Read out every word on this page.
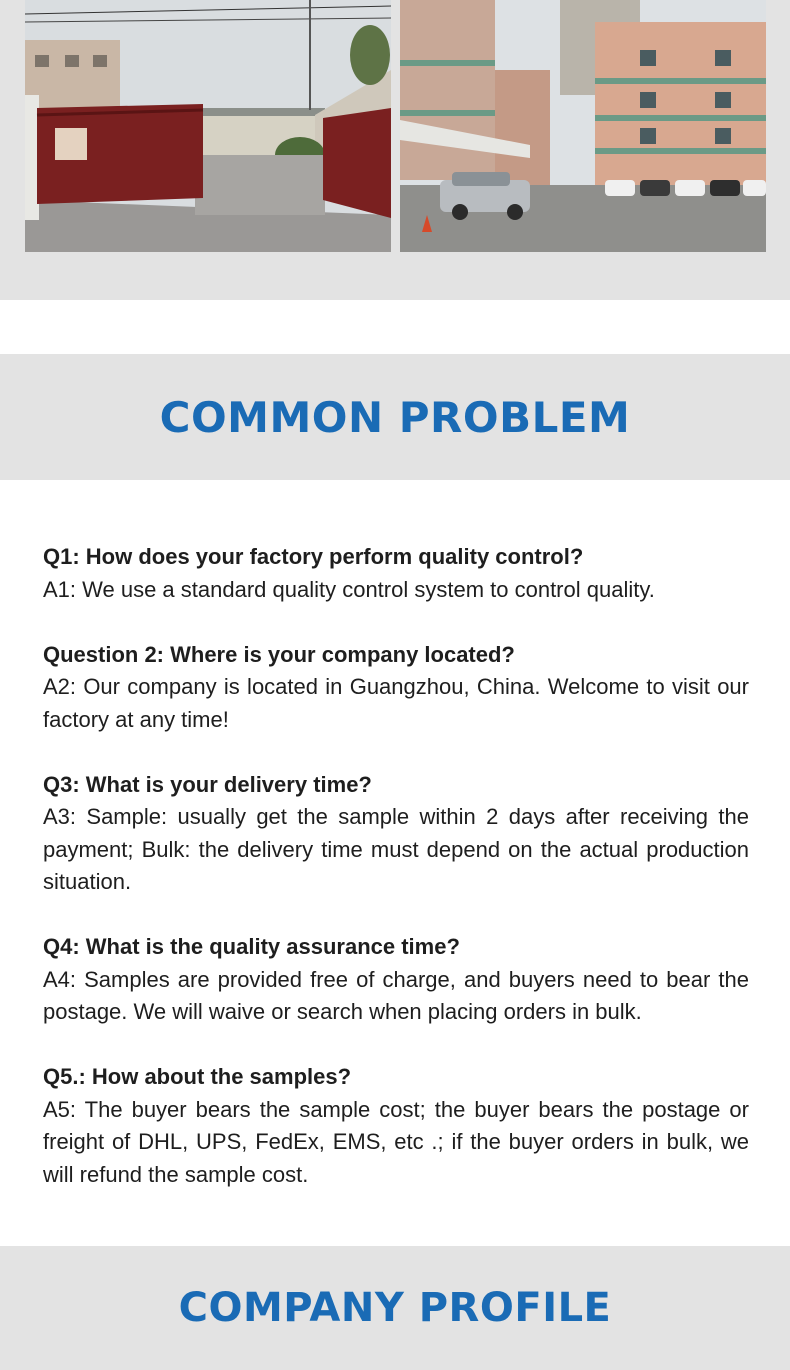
COMMON PROBLEM

Q1: How does your factory perform quality control?

A1: We use a standard quality control system to control quality.

Question 2: Where is your company located?

A2: Our company is located in Guangzhou, China. Welcome to visit our factory at any time!

Q3: What is your delivery time?

A3: Sample: usually get the sample within 2 days after receiving the payment; Bulk: the delivery time must depend on the actual production situation.

Q4: What is the quality assurance time?

A4: Samples are provided free of charge, and buyers need to bear the postage. We will waive or search when placing orders in bulk.

Q5.: How about the samples?

A5: The buyer bears the sample cost; the buyer bears the postage or freight of DHL, UPS, FedEx, EMS, etc .; if the buyer orders in bulk, we will refund the sample cost.

COMPANY PROFILE
